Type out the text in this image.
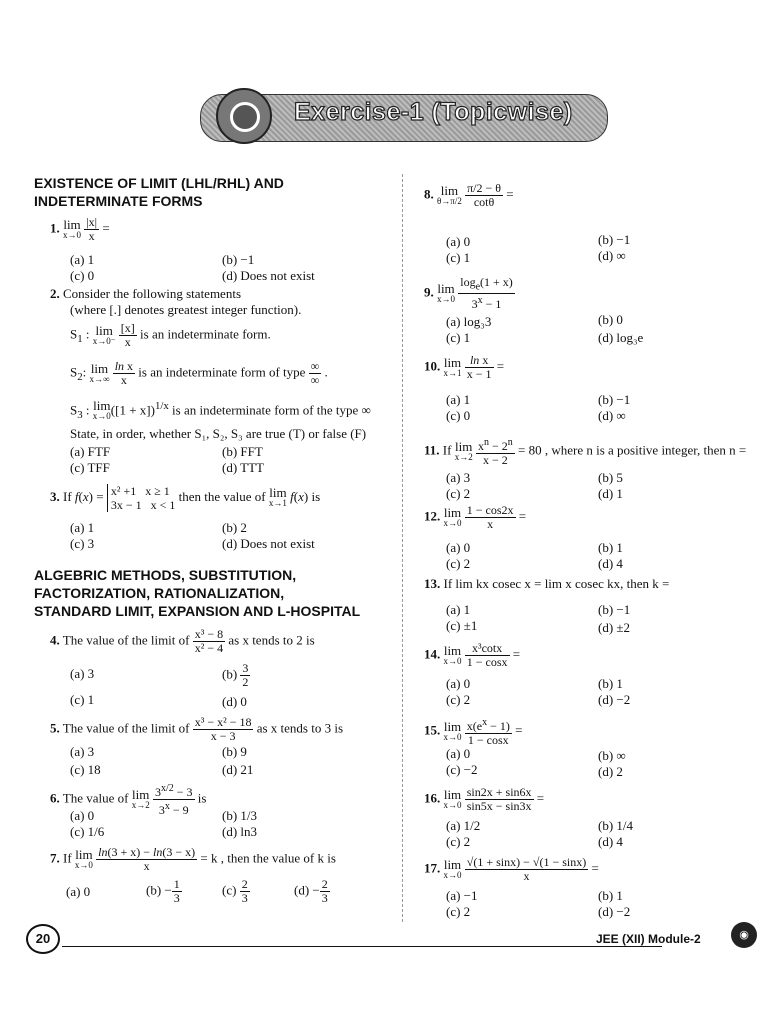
Exercise-1 (Topicwise)
EXISTENCE OF LIMIT (LHL/RHL) AND
INDETERMINATE FORMS
1. lim
x→0
$\frac{|x|}{x}$ =
(a) 1	(b) −1
(c) 0	(d) Does not exist
2. Consider the following statements
(where [.] denotes greatest integer function).
$S_1$ : lim
x→0⁻
$\frac{[x]}{x}$ is an indeterminate form.
$S_2$: lim
x→∞
$\frac{\text{ln x}}{x}$ is an indeterminate form of type $\frac{\infty}{\infty}$ .
$S_3$ : lim
x→0 $([1 + x])^{1/x}$ is an indeterminate form of the type ∞
State, in order, whether S₁, S₂, S₃ are true (T) or false (F)
(a) FTF	(b) FFT
(c) TFF	(d) TTT
3. If f(x) = x² +1   x ≥ 1
3x − 1   x < 1 then the value of lim
x→1 f(x) is
(a) 1	(b) 2
(c) 3	(d) Does not exist
ALGEBRIC METHODS, SUBSTITUTION,
FACTORIZATION, RATIONALIZATION,
STANDARD LIMIT, EXPANSION AND L-HOSPITAL
4. The value of the limit of $\frac{\text{x³ − 8}}{\text{x² − 4}}$ as x tends to 2 is
(a) 3	$(b) \frac{3}{2}$
(c) 1	(d) 0
5. The value of the limit of $\frac{\text{x³ − x² − 18}}{x - 3}$ as x tends to 3 is
(a) 3	(b) 9
(c) 18	(d) 21
6. The value of lim
x→2
$\frac{3^{x/2} - 3}{3^x - 9}$ is
(a) 0	(b) 1/3
(c) 1/6	(d) ln3
7. If lim
x→0
$\frac{\ln(3 + x) - \ln(3 - x)}{x} = k$ , then the value of k is
(a) 0	$(b) - \frac{1}{3}$	$(c) \frac{2}{3}$	$(d) - \frac{2}{3}$
8. lim
θ→π/2
$\frac{\pi/2 - \theta}{\cot\theta}$ =
(a) 0	(b) −1
(c) 1	(d) ∞
9. lim
x→0
$\frac{\log_e(1 + x)}{3^x - 1}$
(a) log₃3	(b) 0
(c) 1	(d) log₃e
10. lim
x→1
$\frac{\text{ln x}}{x - 1}$ =
(a) 1	(b) −1
(c) 0	(d) ∞
11. If lim
x→2
$\frac{x^n - 2^n}{x - 2} = 80$ , where n is a positive integer, then n =
(a) 3	(b) 5
(c) 2	(d) 1
12. lim
x→0
$\frac{1 - \cos 2x}{x}$ =
(a) 0	(b) 1
(c) 2	(d) 4
13. If lim kx cosec x = lim x cosec kx, then k =
(a) 1	(b) −1
(c) ±1	(d) ±2
14. lim
x→0
$\frac{\text{x³cotx}}{1 - \cos x}$ =
(a) 0	(b) 1
(c) 2	(d) −2
15. lim
x→0
$\frac{x(e^x - 1)}{1 - \cos x}$ =
(a) 0	(b) ∞
(c) −2	(d) 2
16. lim
x→0
$\frac{\sin 2x + \sin 6x}{\sin 5x - \sin 3x}$ =
(a) 1/2	(b) 1/4
(c) 2	(d) 4
17. lim
x→0
$\frac{√(1 + \sin x) - √(1 - \sin x)}{x}$ =
(a) −1	(b) 1
(c) 2	(d) −2
20	JEE (XII) Module-2	◉
